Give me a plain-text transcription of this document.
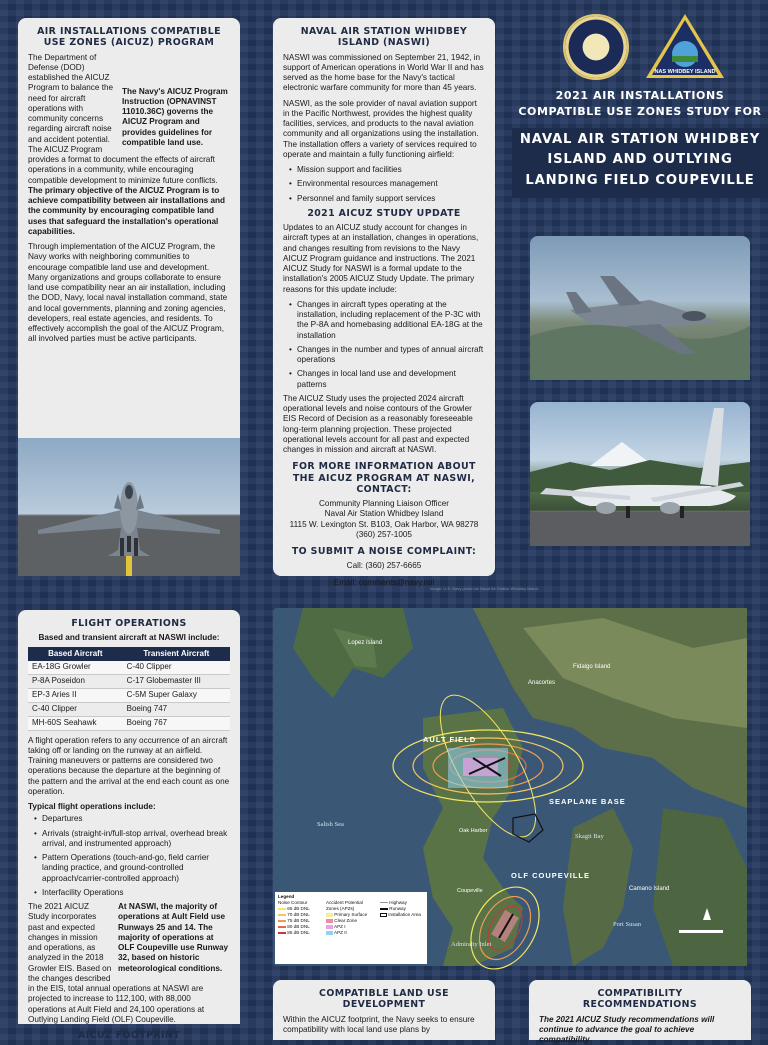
AIR INSTALLATIONS COMPATIBLE USE ZONES (AICUZ) PROGRAM
The Navy's AICUZ Program Instruction (OPNAVINST 11010.36C) governs the AICUZ Program and provides guidelines for compatible land use.

The Department of Defense (DOD) established the AICUZ Program to balance the need for aircraft operations with community concerns regarding aircraft noise and accident potential. The AICUZ Program provides a format to document the effects of aircraft operations in a community, while encouraging compatible development to minimize future conflicts. The primary objective of the AICUZ Program is to achieve compatibility between air installations and the community by encouraging compatible land uses that safeguard the installation's operational capabilities.

Through implementation of the AICUZ Program, the Navy works with neighboring communities to encourage compatible land use and development. Many organizations and groups collaborate to ensure land use compatibility near an air installation, including the DOD, Navy, local naval installation command, state and local governments, planning and zoning agencies, developers, real estate agencies, and residents. To effectively accomplish the goal of the AICUZ Program, all involved parties must be active participants.

NAVAL AIR STATION WHIDBEY ISLAND (NASWI)

NASWI was commissioned on September 21, 1942, in support of American operations in World War II and has served as the home base for the Navy's tactical electronic warfare community for more than 45 years.

NASWI, as the sole provider of naval aviation support in the Pacific Northwest, provides the highest quality facilities, services, and products to the naval aviation community and all organizations using the installation. The installation offers a variety of services required to operate and maintain a fully functioning airfield:

• Mission support and facilities
• Environmental resources management
• Personnel and family support services
2021 AICUZ STUDY UPDATE

Updates to an AICUZ study account for changes in aircraft types at an installation, changes in operations, and changes resulting from revisions to the Navy AICUZ Program guidance and instructions. The 2021 AICUZ Study for NASWI is a formal update to the installation's 2005 AICUZ Study Update. The primary reasons for this update include:

• Changes in aircraft types operating at the installation, including replacement of the P-3C with the P-8A and homebasing additional EA-18G at the installation
• Changes in the number and types of annual aircraft operations
• Changes in local land use and development patterns

The AICUZ Study uses the projected 2024 aircraft operational levels and noise contours of the Growler EIS Record of Decision as a reasonably foreseeable long-term planning projection. These projected operational levels account for all past and expected changes in mission and aircraft at NASWI.

FOR MORE INFORMATION ABOUT THE AICUZ PROGRAM AT NASWI, CONTACT:
Community Planning Liaison Officer
Naval Air Station Whidbey Island
1115 W. Lexington St. B103, Oak Harbor, WA 98278
(360) 257-1005
TO SUBMIT A NOISE COMPLAINT:
Call: (360) 257-6665
Email: comments@navy.mil
NAS WHIDBEY ISLAND
2021 AIR INSTALLATIONS
COMPATIBLE USE ZONES STUDY FOR
NAVAL AIR STATION WHIDBEY
ISLAND AND OUTLYING
LANDING FIELD COUPEVILLE
Image: U.S. Navy photo via Naval Air Station Whidbey Island
FLIGHT OPERATIONS
Based and transient aircraft at NASWI include:
Based Aircraft	Transient Aircraft
EA-18G Growler	C-40 Clipper
P-8A Poseidon	C-17 Globemaster III
EP-3 Aries II	C-5M Super Galaxy
C-40 Clipper	Boeing 747
MH-60S Seahawk	Boeing 767

A flight operation refers to any occurrence of an aircraft taking off or landing on the runway at an airfield. Training maneuvers or patterns are considered two operations because the departure at the beginning of the pattern and the arrival at the end each count as one operation.

Typical flight operations include:
• Departures
• Arrivals (straight-in/full-stop arrival, overhead break arrival, and instrumented approach)
• Pattern Operations (touch-and-go, field carrier landing practice, and ground-controlled approach/carrier-controlled approach)
• Interfacility Operations
At NASWI, the majority of operations at Ault Field use Runways 25 and 14. The majority of operations at OLF Coupeville use Runway 32, based on historic meteorological conditions.

The 2021 AICUZ Study incorporates past and expected changes in mission and operations, as analyzed in the 2018 Growler EIS. Based on the changes described in the EIS, total annual operations at NASWI are projected to increase to 112,100, with 88,000 operations at Ault Field and 24,100 operations at Outlying Landing Field (OLF) Coupeville.

AICUZ FOOTPRINT
Lopez Island
Fidalgo Island
Anacortes
AULT FIELD
SEAPLANE BASE
OLF COUPEVILLE
Salish Sea
Skagit Bay
Camano Island
Port Susan
Admiralty Inlet
Oak Harbor
Coupeville
Legend
Noise Contour
65 dB DNL
70 dB DNL
75 dB DNL
80 dB DNL
85 dB DNL
Accident Potential Zones (APZs)
Primary Surface
Clear Zone
APZ I
APZ II
Highway
Runway
Installation Area
COMPATIBLE LAND USE DEVELOPMENT

Within the AICUZ footprint, the Navy seeks to ensure compatibility with local land use plans by

COMPATIBILITY RECOMMENDATIONS

The 2021 AICUZ Study recommendations will continue to advance the goal to achieve compatibility
